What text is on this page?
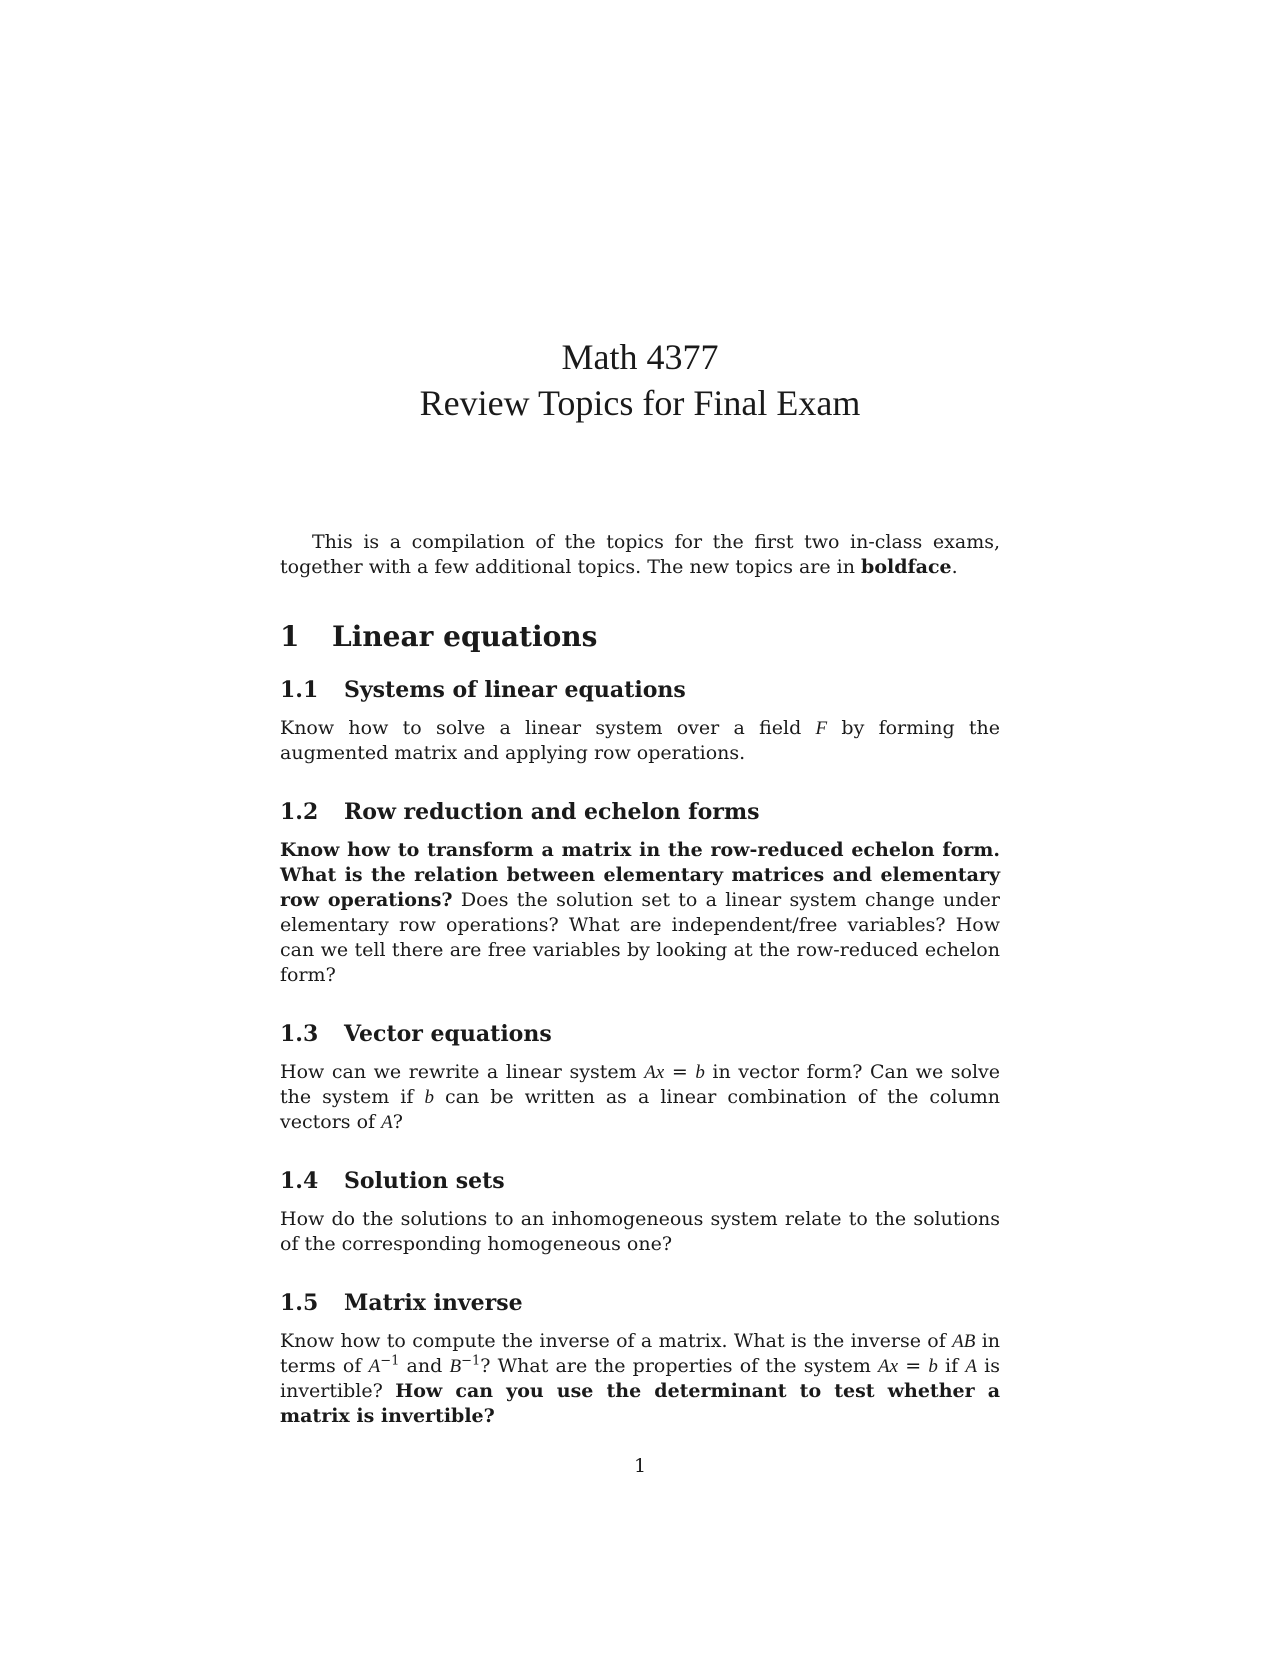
Math 4377

Review Topics for Final Exam

This is a compilation of the topics for the first two in-class exams, together with a few additional topics. The new topics are in boldface.

1	Linear equations
1.1	Systems of linear equations

Know how to solve a linear system over a field F by forming the augmented matrix and applying row operations.

1.2	Row reduction and echelon forms

Know how to transform a matrix in the row-reduced echelon form. What is the relation between elementary matrices and elementary row operations? Does the solution set to a linear system change under elementary row operations? What are independent/free variables? How can we tell there are free variables by looking at the row-reduced echelon form?

1.3	Vector equations

How can we rewrite a linear system Ax = b in vector form? Can we solve the system if b can be written as a linear combination of the column vectors of A?

1.4	Solution sets

How do the solutions to an inhomogeneous system relate to the solutions of the corresponding homogeneous one?

1.5	Matrix inverse

Know how to compute the inverse of a matrix. What is the inverse of AB in terms of $A^{-1}$ and $B^{-1}$? What are the properties of the system Ax = b if A is invertible? How can you use the determinant to test whether a matrix is invertible?

1
